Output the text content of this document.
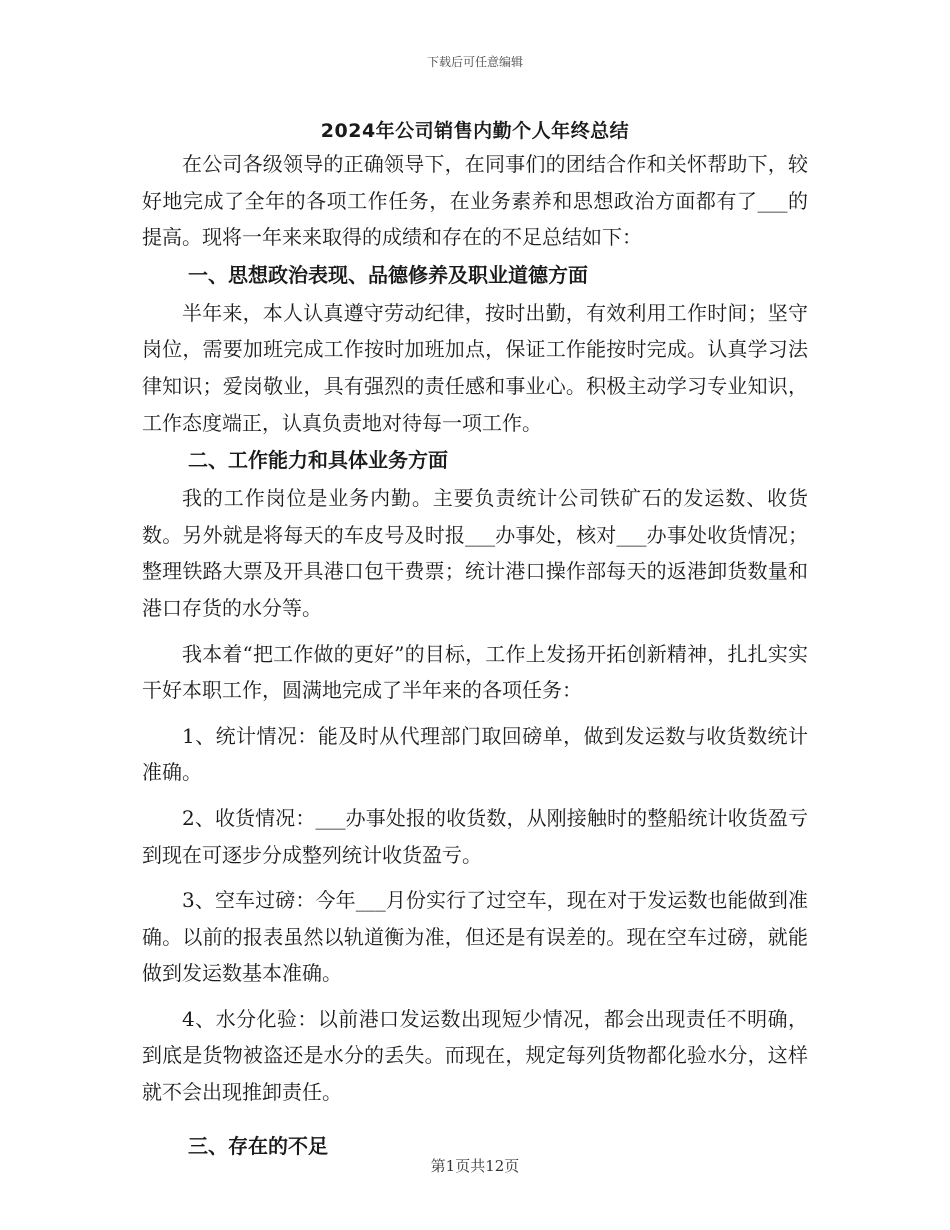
下载后可任意编辑
2024年公司销售内勤个人年终总结

在公司各级领导的正确领导下，在同事们的团结合作和关怀帮助下，较好地完成了全年的各项工作任务，在业务素养和思想政治方面都有了___的提高。现将一年来来取得的成绩和存在的不足总结如下：

一、思想政治表现、品德修养及职业道德方面

半年来，本人认真遵守劳动纪律，按时出勤，有效利用工作时间；坚守岗位，需要加班完成工作按时加班加点，保证工作能按时完成。认真学习法律知识；爱岗敬业，具有强烈的责任感和事业心。积极主动学习专业知识，工作态度端正，认真负责地对待每一项工作。

二、工作能力和具体业务方面

我的工作岗位是业务内勤。主要负责统计公司铁矿石的发运数、收货数。另外就是将每天的车皮号及时报___办事处，核对___办事处收货情况；整理铁路大票及开具港口包干费票；统计港口操作部每天的返港卸货数量和港口存货的水分等。

我本着“把工作做的更好”的目标，工作上发扬开拓创新精神，扎扎实实干好本职工作，圆满地完成了半年来的各项任务：

1、统计情况：能及时从代理部门取回磅单，做到发运数与收货数统计准确。

2、收货情况：___办事处报的收货数，从刚接触时的整船统计收货盈亏到现在可逐步分成整列统计收货盈亏。

3、空车过磅：今年___月份实行了过空车，现在对于发运数也能做到准确。以前的报表虽然以轨道衡为准，但还是有误差的。现在空车过磅，就能做到发运数基本准确。

4、水分化验：以前港口发运数出现短少情况，都会出现责任不明确，到底是货物被盗还是水分的丢失。而现在，规定每列货物都化验水分，这样就不会出现推卸责任。

三、存在的不足
第1页共12页
